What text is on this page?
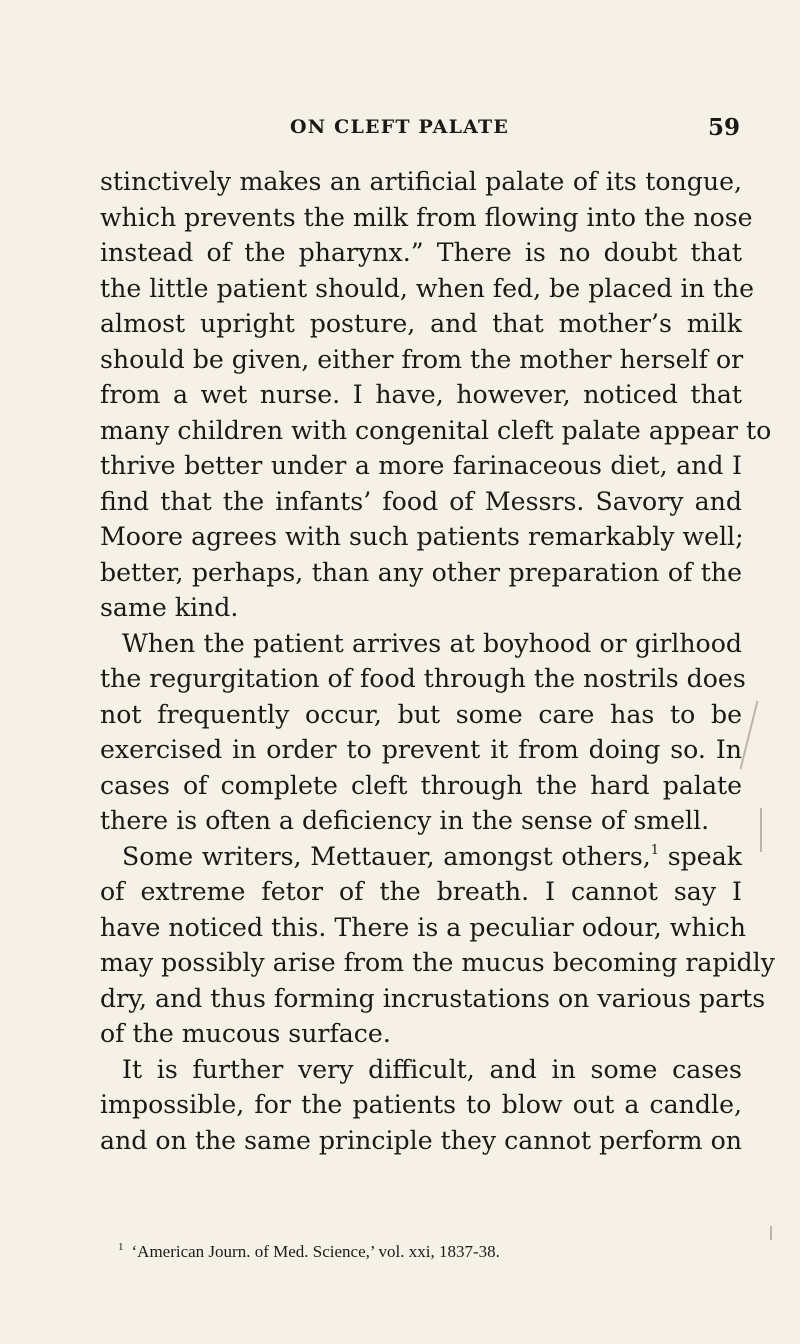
ON CLEFT PALATE	59
stinctively makes an artificial palate of its tongue,
which prevents the milk from flowing into the nose
instead of the pharynx.” There is no doubt that
the little patient should, when fed, be placed in the
almost upright posture, and that mother’s milk
should be given, either from the mother herself or
from a wet nurse. I have, however, noticed that
many children with congenital cleft palate appear to
thrive better under a more farinaceous diet, and I
find that the infants’ food of Messrs. Savory and
Moore agrees with such patients remarkably well;
better, perhaps, than any other preparation of the
same kind.
When the patient arrives at boyhood or girlhood
the regurgitation of food through the nostrils does
not frequently occur, but some care has to be
exercised in order to prevent it from doing so. In
cases of complete cleft through the hard palate
there is often a deficiency in the sense of smell.
Some writers, Mettauer, amongst others,$^1$ speak
of extreme fetor of the breath. I cannot say I
have noticed this. There is a peculiar odour, which
may possibly arise from the mucus becoming rapidly
dry, and thus forming incrustations on various parts
of the mucous surface.
It is further very difficult, and in some cases
impossible, for the patients to blow out a candle,
and on the same principle they cannot perform on
$^1$ ‘American Journ. of Med. Science,’ vol. xxi, 1837-38.
